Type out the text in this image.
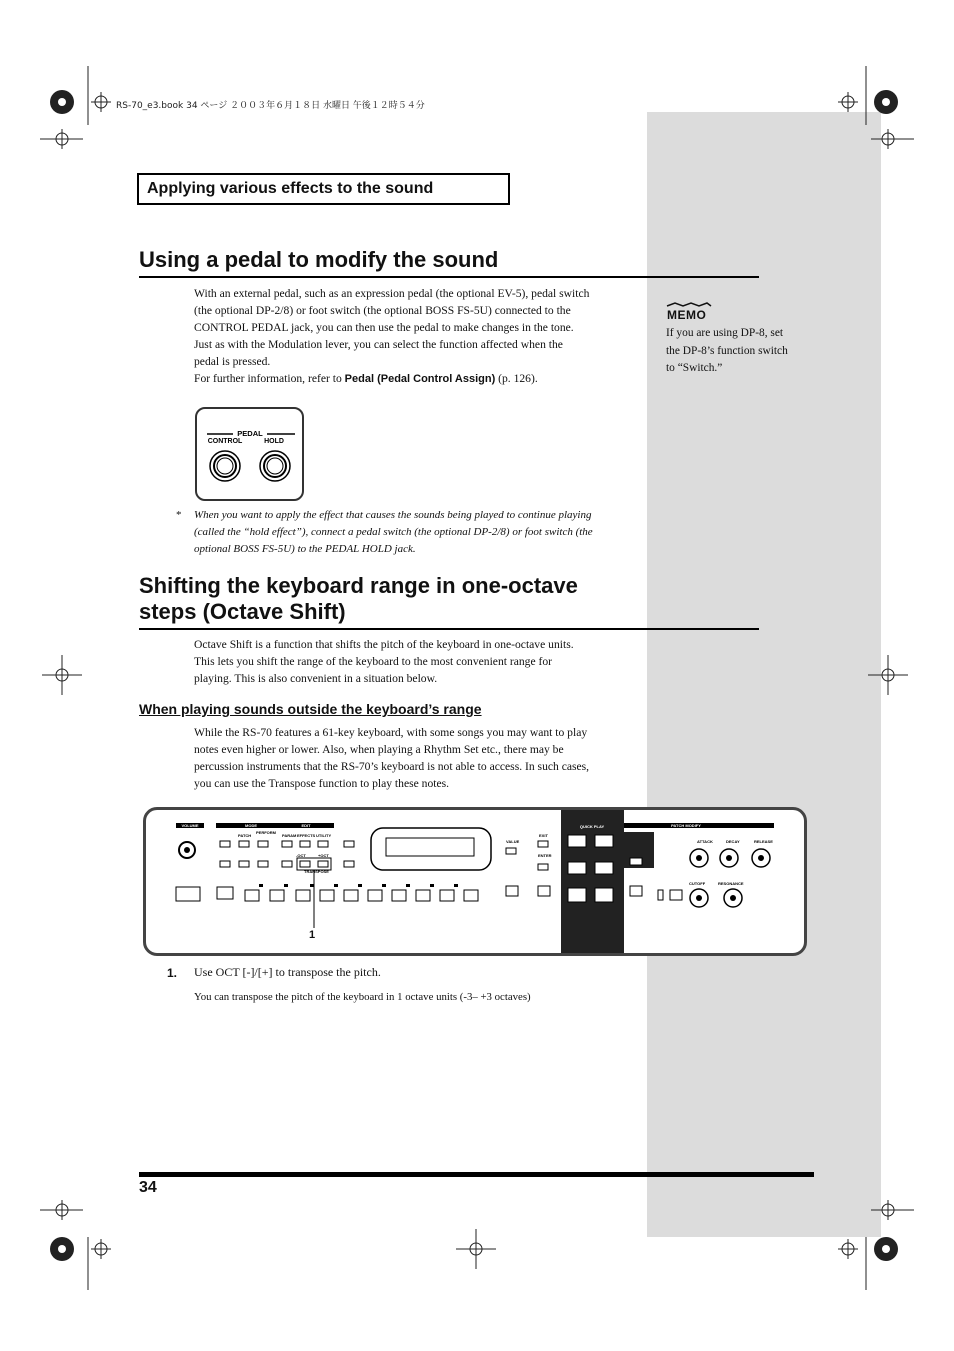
RS-70_e3.book 34 ページ ２００３年６月１８日 水曜日 午後１２時５４分
Applying various effects to the sound
Using a pedal to modify the sound
With an external pedal, such as an expression pedal (the optional EV-5), pedal switch
(the optional DP-2/8) or foot switch (the optional BOSS FS-5U) connected to the
CONTROL PEDAL jack, you can then use the pedal to make changes in the tone.
Just as with the Modulation lever, you can select the function affected when the
pedal is pressed.
For further information, refer to Pedal (Pedal Control Assign) (p. 126).
MEMO
If you are using DP-8, set
the DP-8’s function switch
to “Switch.”
PEDAL
CONTROL	HOLD
* When you want to apply the effect that causes the sounds being played to continue playing
(called the “hold effect”), connect a pedal switch (the optional DP-2/8) or foot switch (the
optional BOSS FS-5U) to the PEDAL HOLD jack.
Shifting the keyboard range in one-octave
steps (Octave Shift)
Octave Shift is a function that shifts the pitch of the keyboard in one-octave units.
This lets you shift the range of the keyboard to the most convenient range for
playing. This is also convenient in a situation below.
When playing sounds outside the keyboard’s range
While the RS-70 features a 61-key keyboard, with some songs you may want to play
notes even higher or lower. Also, when playing a Rhythm Set etc., there may be
percussion instruments that the RS-70’s keyboard is not able to access. In such cases,
you can use the Transpose function to play these notes.
VOLUME	MODE	EDIT
PATCH
PERFORM
PARAM EFFECTS UTILITY
-OCT	+OCT
TRANSPOSE
VALUE
ENTER
EXIT
QUICK PLAY	PATCH MODIFY
ATTACK	DECAY	RELEASE
CUTOFF	RESONANCE
1
1. Use OCT [-]/[+] to transpose the pitch.
You can transpose the pitch of the keyboard in 1 octave units (-3– +3 octaves)
34
